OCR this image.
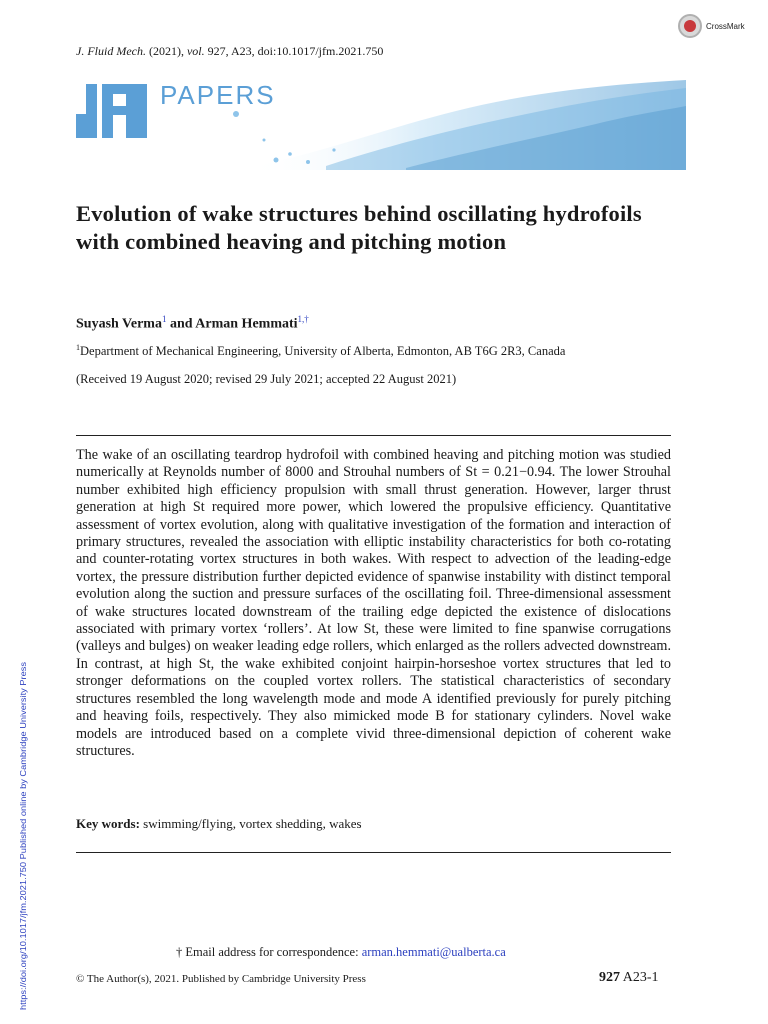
CrossMark
J. Fluid Mech. (2021), vol. 927, A23, doi:10.1017/jfm.2021.750
PAPERS
Evolution of wake structures behind oscillating hydrofoils with combined heaving and pitching motion
Suyash Verma$^1$ and Arman Hemmati$^{1,\dagger}$
$^1$Department of Mechanical Engineering, University of Alberta, Edmonton, AB T6G 2R3, Canada
(Received 19 August 2020; revised 29 July 2021; accepted 22 August 2021)
The wake of an oscillating teardrop hydrofoil with combined heaving and pitching motion was studied numerically at Reynolds number of 8000 and Strouhal numbers of St = 0.21−0.94. The lower Strouhal number exhibited high efficiency propulsion with small thrust generation. However, larger thrust generation at high St required more power, which lowered the propulsive efficiency. Quantitative assessment of vortex evolution, along with qualitative investigation of the formation and interaction of primary structures, revealed the association with elliptic instability characteristics for both co-rotating and counter-rotating vortex structures in both wakes. With respect to advection of the leading-edge vortex, the pressure distribution further depicted evidence of spanwise instability with distinct temporal evolution along the suction and pressure surfaces of the oscillating foil. Three-dimensional assessment of wake structures located downstream of the trailing edge depicted the existence of dislocations associated with primary vortex ‘rollers’. At low St, these were limited to fine spanwise corrugations (valleys and bulges) on weaker leading edge rollers, which enlarged as the rollers advected downstream. In contrast, at high St, the wake exhibited conjoint hairpin-horseshoe vortex structures that led to stronger deformations on the coupled vortex rollers. The statistical characteristics of secondary structures resembled the long wavelength mode and mode A identified previously for purely pitching and heaving foils, respectively. They also mimicked mode B for stationary cylinders. Novel wake models are introduced based on a complete vivid three-dimensional depiction of coherent wake structures.
Key words: swimming/flying, vortex shedding, wakes
† Email address for correspondence: arman.hemmati@ualberta.ca
© The Author(s), 2021. Published by Cambridge University Press	927 A23-1
https://doi.org/10.1017/jfm.2021.750 Published online by Cambridge University Press
